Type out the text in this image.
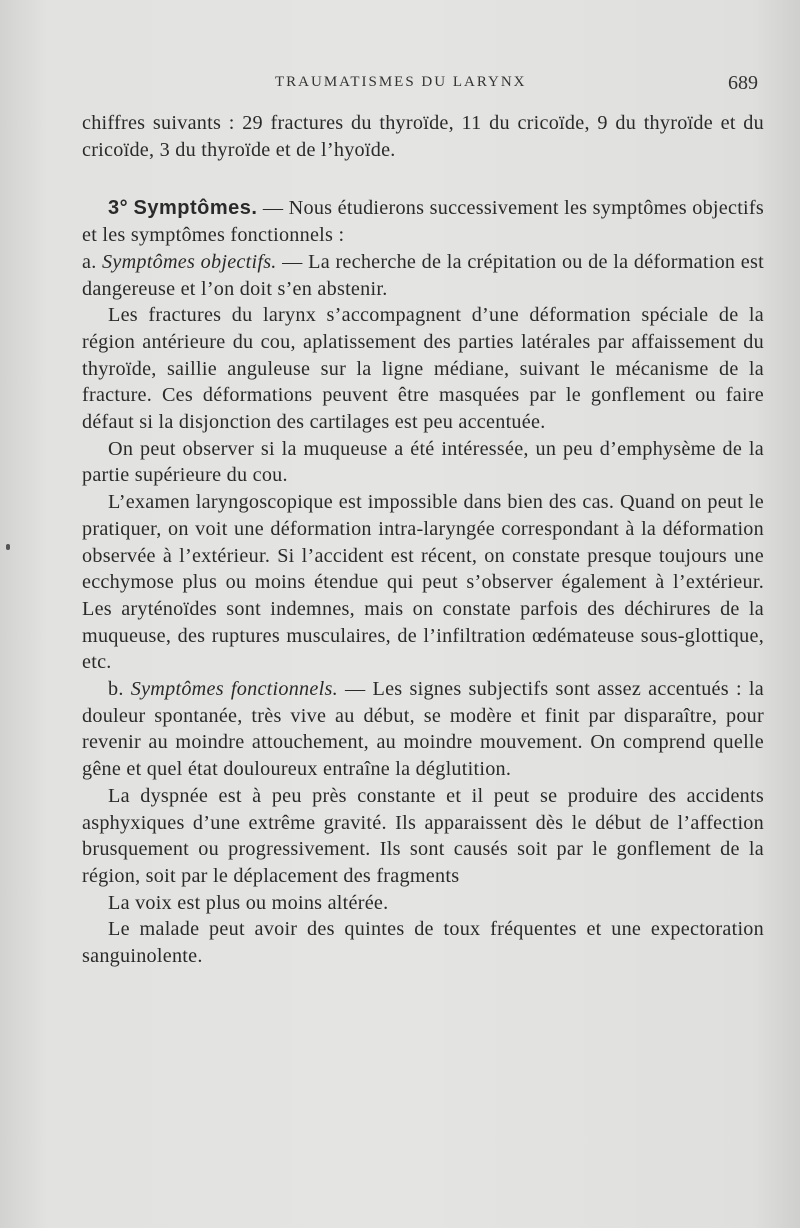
TRAUMATISMES DU LARYNX	689

chiffres suivants : 29 fractures du thyroïde, 11 du cricoïde, 9 du thyroïde et du cricoïde, 3 du thyroïde et de l’hyoïde.

3° Symptômes. — Nous étudierons successivement les symptômes objectifs et les symptômes fonctionnels :

a. Symptômes objectifs. — La recherche de la crépitation ou de la déformation est dangereuse et l’on doit s’en abstenir.

Les fractures du larynx s’accompagnent d’une déformation spéciale de la région antérieure du cou, aplatissement des parties latérales par affaissement du thyroïde, saillie anguleuse sur la ligne médiane, suivant le mécanisme de la fracture. Ces déformations peuvent être masquées par le gonflement ou faire défaut si la disjonction des cartilages est peu accentuée.

On peut observer si la muqueuse a été intéressée, un peu d’emphysème de la partie supérieure du cou.

L’examen laryngoscopique est impossible dans bien des cas. Quand on peut le pratiquer, on voit une déformation intra-laryngée correspondant à la déformation observée à l’extérieur. Si l’accident est récent, on constate presque toujours une ecchymose plus ou moins étendue qui peut s’observer également à l’extérieur. Les aryténoïdes sont indemnes, mais on constate parfois des déchirures de la muqueuse, des ruptures musculaires, de l’infiltration œdémateuse sous-glottique, etc.

b. Symptômes fonctionnels. — Les signes subjectifs sont assez accentués : la douleur spontanée, très vive au début, se modère et finit par disparaître, pour revenir au moindre attouchement, au moindre mouvement. On comprend quelle gêne et quel état douloureux entraîne la déglutition.

La dyspnée est à peu près constante et il peut se produire des accidents asphyxiques d’une extrême gravité. Ils apparaissent dès le début de l’affection brusquement ou progressivement. Ils sont causés soit par le gonflement de la région, soit par le déplacement des fragments

La voix est plus ou moins altérée.

Le malade peut avoir des quintes de toux fréquentes et une expectoration sanguinolente.
